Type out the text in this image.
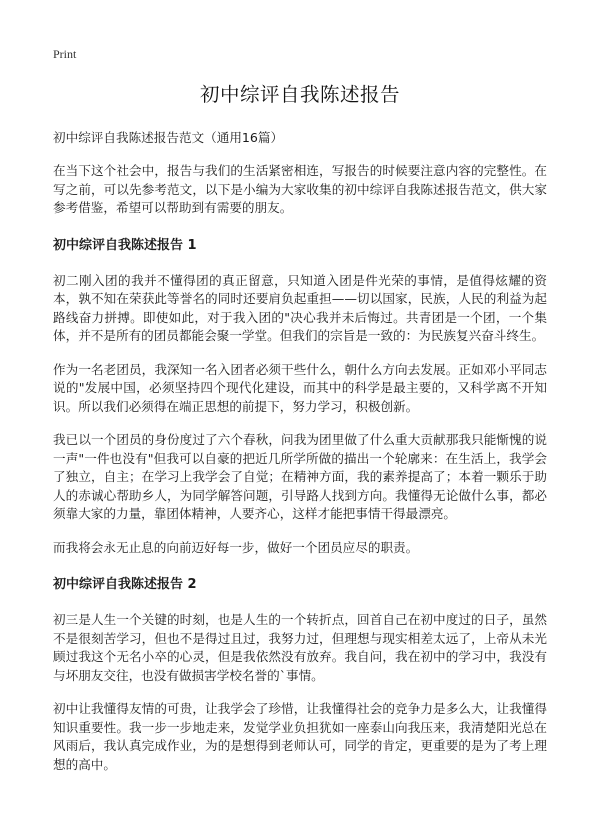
Print
初中综评自我陈述报告

初中综评自我陈述报告范文（通用16篇）

在当下这个社会中，报告与我们的生活紧密相连，写报告的时候要注意内容的完整性。在写之前，可以先参考范文，以下是小编为大家收集的初中综评自我陈述报告范文，供大家参考借鉴，希望可以帮助到有需要的朋友。

初中综评自我陈述报告 1

初二刚入团的我并不懂得团的真正留意，只知道入团是件光荣的事情，是值得炫耀的资本，孰不知在荣获此等誉名的同时还要肩负起重担——切以国家，民族，人民的利益为起路线奋力拼搏。即使如此，对于我入团的"决心我并未后悔过。共青团是一个团，一个集体，并不是所有的团员都能会聚一学堂。但我们的宗旨是一致的：为民族复兴奋斗终生。

作为一名老团员，我深知一名入团者必须干些什么，朝什么方向去发展。正如邓小平同志说的"发展中国，必须坚持四个现代化建设，而其中的科学是最主要的，又科学离不开知识。所以我们必须得在端正思想的前提下，努力学习，积极创新。

我已以一个团员的身份度过了六个春秋，问我为团里做了什么重大贡献那我只能惭愧的说一声"一件也没有"但我可以自豪的把近几所学所做的描出一个轮廓来：在生活上，我学会了独立，自主；在学习上我学会了自觉；在精神方面，我的素养提高了；本着一颗乐于助人的赤诚心帮助乡人，为同学解答问题，引导路人找到方向。我懂得无论做什么事，都必须靠大家的力量，靠团体精神，人要齐心，这样才能把事情干得最漂亮。

而我将会永无止息的向前迈好每一步，做好一个团员应尽的职责。

初中综评自我陈述报告 2

初三是人生一个关键的时刻，也是人生的一个转折点，回首自己在初中度过的日子，虽然不是很刻苦学习，但也不是得过且过，我努力过，但理想与现实相差太远了，上帝从未光顾过我这个无名小卒的心灵，但是我依然没有放弃。我自问，我在初中的学习中，我没有与坏朋友交往，也没有做损害学校名誉的`事情。

初中让我懂得友情的可贵，让我学会了珍惜，让我懂得社会的竞争力是多么大，让我懂得知识重要性。我一步一步地走来，发觉学业负担犹如一座泰山向我压来，我清楚阳光总在风雨后，我认真完成作业，为的是想得到老师认可，同学的肯定，更重要的是为了考上理想的高中。
